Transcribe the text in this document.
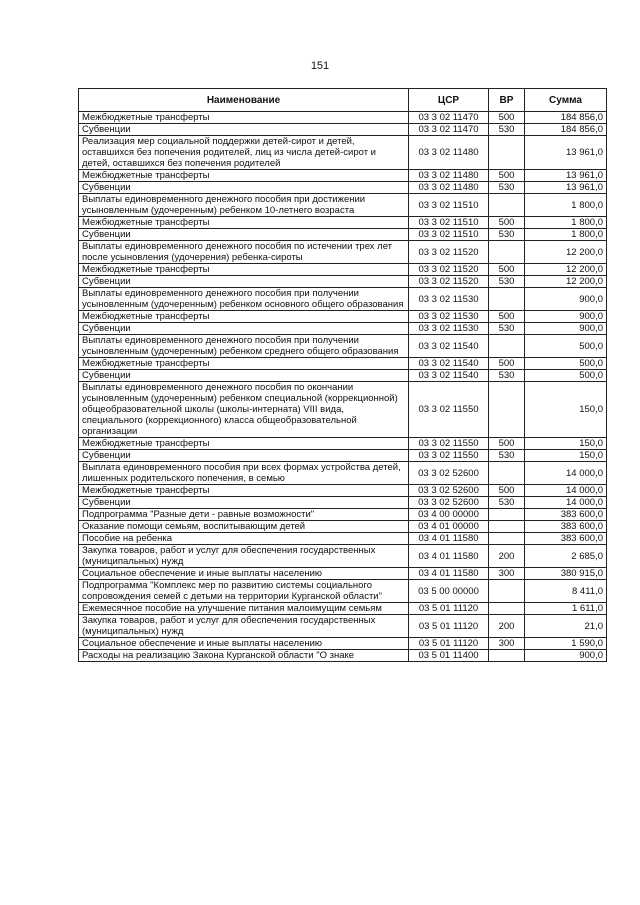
151
Наименование	ЦСР	ВР	Сумма
Межбюджетные трансферты	03 3 02 11470	500	184 856,0
Субвенции	03 3 02 11470	530	184 856,0
Реализация мер социальной поддержки детей-сирот и детей, оставшихся без попечения родителей, лиц из числа детей-сирот и детей, оставшихся без попечения родителей	03 3 02 11480		13 961,0
Межбюджетные трансферты	03 3 02 11480	500	13 961,0
Субвенции	03 3 02 11480	530	13 961,0
Выплаты единовременного денежного пособия при достижении усыновленным (удочеренным) ребенком 10-летнего возраста	03 3 02 11510		1 800,0
Межбюджетные трансферты	03 3 02 11510	500	1 800,0
Субвенции	03 3 02 11510	530	1 800,0
Выплаты единовременного денежного пособия по истечении трех лет после усыновления (удочерения) ребенка-сироты	03 3 02 11520		12 200,0
Межбюджетные трансферты	03 3 02 11520	500	12 200,0
Субвенции	03 3 02 11520	530	12 200,0
Выплаты единовременного денежного пособия при получении усыновленным (удочеренным) ребенком основного общего образования	03 3 02 11530		900,0
Межбюджетные трансферты	03 3 02 11530	500	900,0
Субвенции	03 3 02 11530	530	900,0
Выплаты единовременного денежного пособия при получении усыновленным (удочеренным) ребенком среднего общего образования	03 3 02 11540		500,0
Межбюджетные трансферты	03 3 02 11540	500	500,0
Субвенции	03 3 02 11540	530	500,0
Выплаты единовременного денежного пособия по окончании усыновленным (удочеренным) ребенком специальной (коррекционной) общеобразовательной школы (школы-интерната) VIII вида, специального (коррекционного) класса общеобразовательной организации	03 3 02 11550		150,0
Межбюджетные трансферты	03 3 02 11550	500	150,0
Субвенции	03 3 02 11550	530	150,0
Выплата единовременного пособия при всех формах устройства детей, лишенных родительского попечения, в семью	03 3 02 52600		14 000,0
Межбюджетные трансферты	03 3 02 52600	500	14 000,0
Субвенции	03 3 02 52600	530	14 000,0
Подпрограмма "Разные дети - равные возможности"	03 4 00 00000		383 600,0
Оказание помощи семьям, воспитывающим детей	03 4 01 00000		383 600,0
Пособие на ребенка	03 4 01 11580		383 600,0
Закупка товаров, работ и услуг для обеспечения государственных (муниципальных) нужд	03 4 01 11580	200	2 685,0
Социальное обеспечение и иные выплаты населению	03 4 01 11580	300	380 915,0
Подпрограмма "Комплекс мер по развитию системы социального сопровождения семей с детьми на территории Курганской области"	03 5 00 00000		8 411,0
Ежемесячное пособие на улучшение питания малоимущим семьям	03 5 01 11120		1 611,0
Закупка товаров, работ и услуг для обеспечения государственных (муниципальных) нужд	03 5 01 11120	200	21,0
Социальное обеспечение и иные выплаты населению	03 5 01 11120	300	1 590,0
Расходы на реализацию Закона Курганской области "О знаке	03 5 01 11400		900,0
